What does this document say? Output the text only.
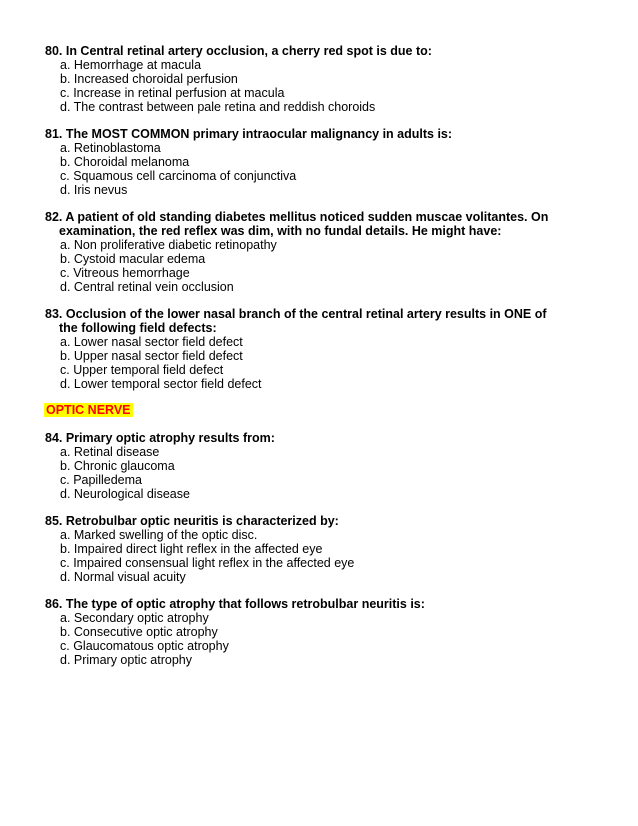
80. In Central retinal artery occlusion, a cherry red spot is due to:

a. Hemorrhage at macula

b. Increased choroidal perfusion

c. Increase in retinal perfusion at macula

d. The contrast between pale retina and reddish choroids

81. The MOST COMMON primary intraocular malignancy in adults is:

a. Retinoblastoma

b. Choroidal melanoma

c. Squamous cell carcinoma of conjunctiva

d. Iris nevus

82. A patient of old standing diabetes mellitus noticed sudden muscae volitantes. On examination, the red reflex was dim, with no fundal details. He might have:

a. Non proliferative diabetic retinopathy

b. Cystoid macular edema

c. Vitreous hemorrhage

d. Central retinal vein occlusion

83. Occlusion of the lower nasal branch of the central retinal artery results in ONE of the following field defects:

a. Lower nasal sector field defect

b. Upper nasal sector field defect

c. Upper temporal field defect

d. Lower temporal sector field defect

OPTIC NERVE

84. Primary optic atrophy results from:

a. Retinal disease

b. Chronic glaucoma

c. Papilledema

d. Neurological disease

85. Retrobulbar optic neuritis is characterized by:

a. Marked swelling of the optic disc.

b. Impaired direct light reflex in the affected eye

c. Impaired consensual light reflex in the affected eye

d. Normal visual acuity

86. The type of optic atrophy that follows retrobulbar neuritis is:

a. Secondary optic atrophy

b. Consecutive optic atrophy

c. Glaucomatous optic atrophy

d. Primary optic atrophy
